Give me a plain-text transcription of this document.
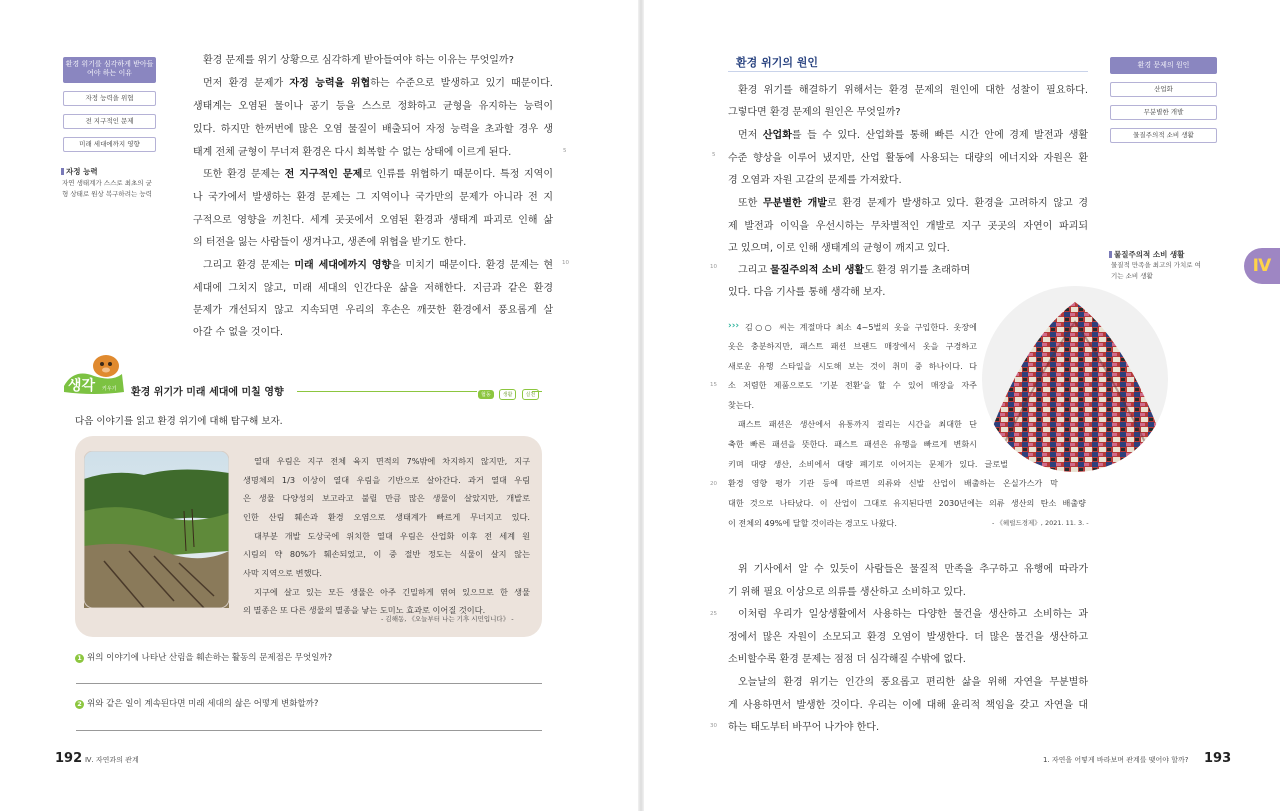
환경 위기를 심각하게 받아들여야 하는 이유
자정 능력을 위협
전 지구적인 문제
미래 세대에까지 영향
자정 능력
자연 생태계가 스스로 최초의 균
형 상태로 원상 복구하려는 능력
환경 문제를 위기 상황으로 심각하게 받아들여야 하는 이유는 무엇일까?
먼저 환경 문제가 자정 능력을 위협하는 수준으로 발생하고 있기 때문이다.
생태계는 오염된 물이나 공기 등을 스스로 정화하고 균형을 유지하는 능력이
있다. 하지만 한꺼번에 많은 오염 물질이 배출되어 자정 능력을 초과할 경우 생
태계 전체 균형이 무너져 환경은 다시 회복할 수 없는 상태에 이르게 된다.
또한 환경 문제는 전 지구적인 문제로 인류를 위협하기 때문이다. 특정 지역이
나 국가에서 발생하는 환경 문제는 그 지역이나 국가만의 문제가 아니라 전 지
구적으로 영향을 끼친다. 세계 곳곳에서 오염된 환경과 생태계 파괴로 인해 삶
의 터전을 잃는 사람들이 생겨나고, 생존에 위협을 받기도 한다.
그리고 환경 문제는 미래 세대에까지 영향을 미치기 때문이다. 환경 문제는 현
세대에 그치지 않고, 미래 세대의 인간다운 삶을 저해한다. 지금과 같은 환경
문제가 개선되지 않고 지속되면 우리의 후손은 깨끗한 환경에서 풍요롭게 살
아갈 수 없을 것이다.
5
10
생각 키우기 환경 위기가 미래 세대에 미칠 영향	협동 생활	실천
다음 이야기를 읽고 환경 위기에 대해 탐구해 보자.
열대 우림은 지구 전체 육지 면적의 7%밖에 차지하지 않지만, 지구
생명체의 1/3 이상이 열대 우림을 기반으로 살아간다. 과거 열대 우림
은 생물 다양성의 보고라고 불릴 만큼 많은 생물이 살았지만, 개발로
인한 산림 훼손과 환경 오염으로 생태계가 빠르게 무너지고 있다.
대부분 개발 도상국에 위치한 열대 우림은 산업화 이후 전 세계 원
시림의 약 80%가 훼손되었고, 이 중 절반 정도는 식물이 살지 않는
사막 지역으로 변했다.
지구에 살고 있는 모든 생물은 아주 긴밀하게 엮여 있으므로 한 생물
의 멸종은 또 다른 생물의 멸종을 낳는 도미노 효과로 이어질 것이다.
- 김해동, 《오늘부터 나는 기후 시민입니다》 -
1 위의 이야기에 나타난 산림을 훼손하는 활동의 문제점은 무엇일까?
2 위와 같은 일이 계속된다면 미래 세대의 삶은 어떻게 변화할까?
192 Ⅳ. 자연과의 관계
환경 위기의 원인	환경 문제의 원인
산업화
무분별한 개발
물질주의적 소비 생활
환경 위기를 해결하기 위해서는 환경 문제의 원인에 대한 성찰이 필요하다.
그렇다면 환경 문제의 원인은 무엇일까?
먼저 산업화를 들 수 있다. 산업화를 통해 빠른 시간 안에 경제 발전과 생활
수준 향상을 이루어 냈지만, 산업 활동에 사용되는 대량의 에너지와 자원은 환
경 오염과 자원 고갈의 문제를 가져왔다.
또한 무분별한 개발로 환경 문제가 발생하고 있다. 환경을 고려하지 않고 경
제 발전과 이익을 우선시하는 무차별적인 개발로 지구 곳곳의 자연이 파괴되
고 있으며, 이로 인해 생태계의 균형이 깨지고 있다.
그리고 물질주의적 소비 생활도 환경 위기를 초래하며
있다. 다음 기사를 통해 생각해 보자.
물질주의적 소비 생활
물질적 만족을 최고의 가치로 여
기는 소비 생활	Ⅳ
김○○ 씨는 계절마다 최소 4~5벌의 옷을 구입한다. 옷장에
옷은 충분하지만, 패스트 패션 브랜드 매장에서 옷을 구경하고
새로운 유행 스타일을 시도해 보는 것이 취미 중 하나이다. 다
소 저렴한 제품으로도 '기분 전환'을 할 수 있어 매장을 자주
찾는다.
패스트 패션은 생산에서 유통까지 걸리는 시간을 최대한 단
축한 빠른 패션을 뜻한다. 패스트 패션은 유행을 빠르게 변화시
키며 대량 생산, 소비에서 대량 폐기로 이어지는 문제가 있다. 글로벌
환경 영향 평가 기관 등에 따르면 의류와 신발 산업이 배출하는 온실가스가 막
대한 것으로 나타났다. 이 산업이 그대로 유지된다면 2030년에는 의류 생산의 탄소 배출량
이 전체의 49%에 달할 것이라는 경고도 나왔다.	- 《헤럴드경제》, 2021. 11. 3. -
위 기사에서 알 수 있듯이 사람들은 물질적 만족을 추구하고 유행에 따라가
기 위해 필요 이상으로 의류를 생산하고 소비하고 있다.
이처럼 우리가 일상생활에서 사용하는 다양한 물건을 생산하고 소비하는 과
정에서 많은 자원이 소모되고 환경 오염이 발생한다. 더 많은 물건을 생산하고
소비할수록 환경 문제는 점점 더 심각해질 수밖에 없다.
오늘날의 환경 위기는 인간의 풍요롭고 편리한 삶을 위해 자연을 무분별하
게 사용하면서 발생한 것이다. 우리는 이에 대해 윤리적 책임을 갖고 자연을 대
하는 태도부터 바꾸어 나가야 한다.
5
10
15
20
25
30
1. 자연을 어떻게 바라보며 관계를 맺어야 할까? 193
›››
